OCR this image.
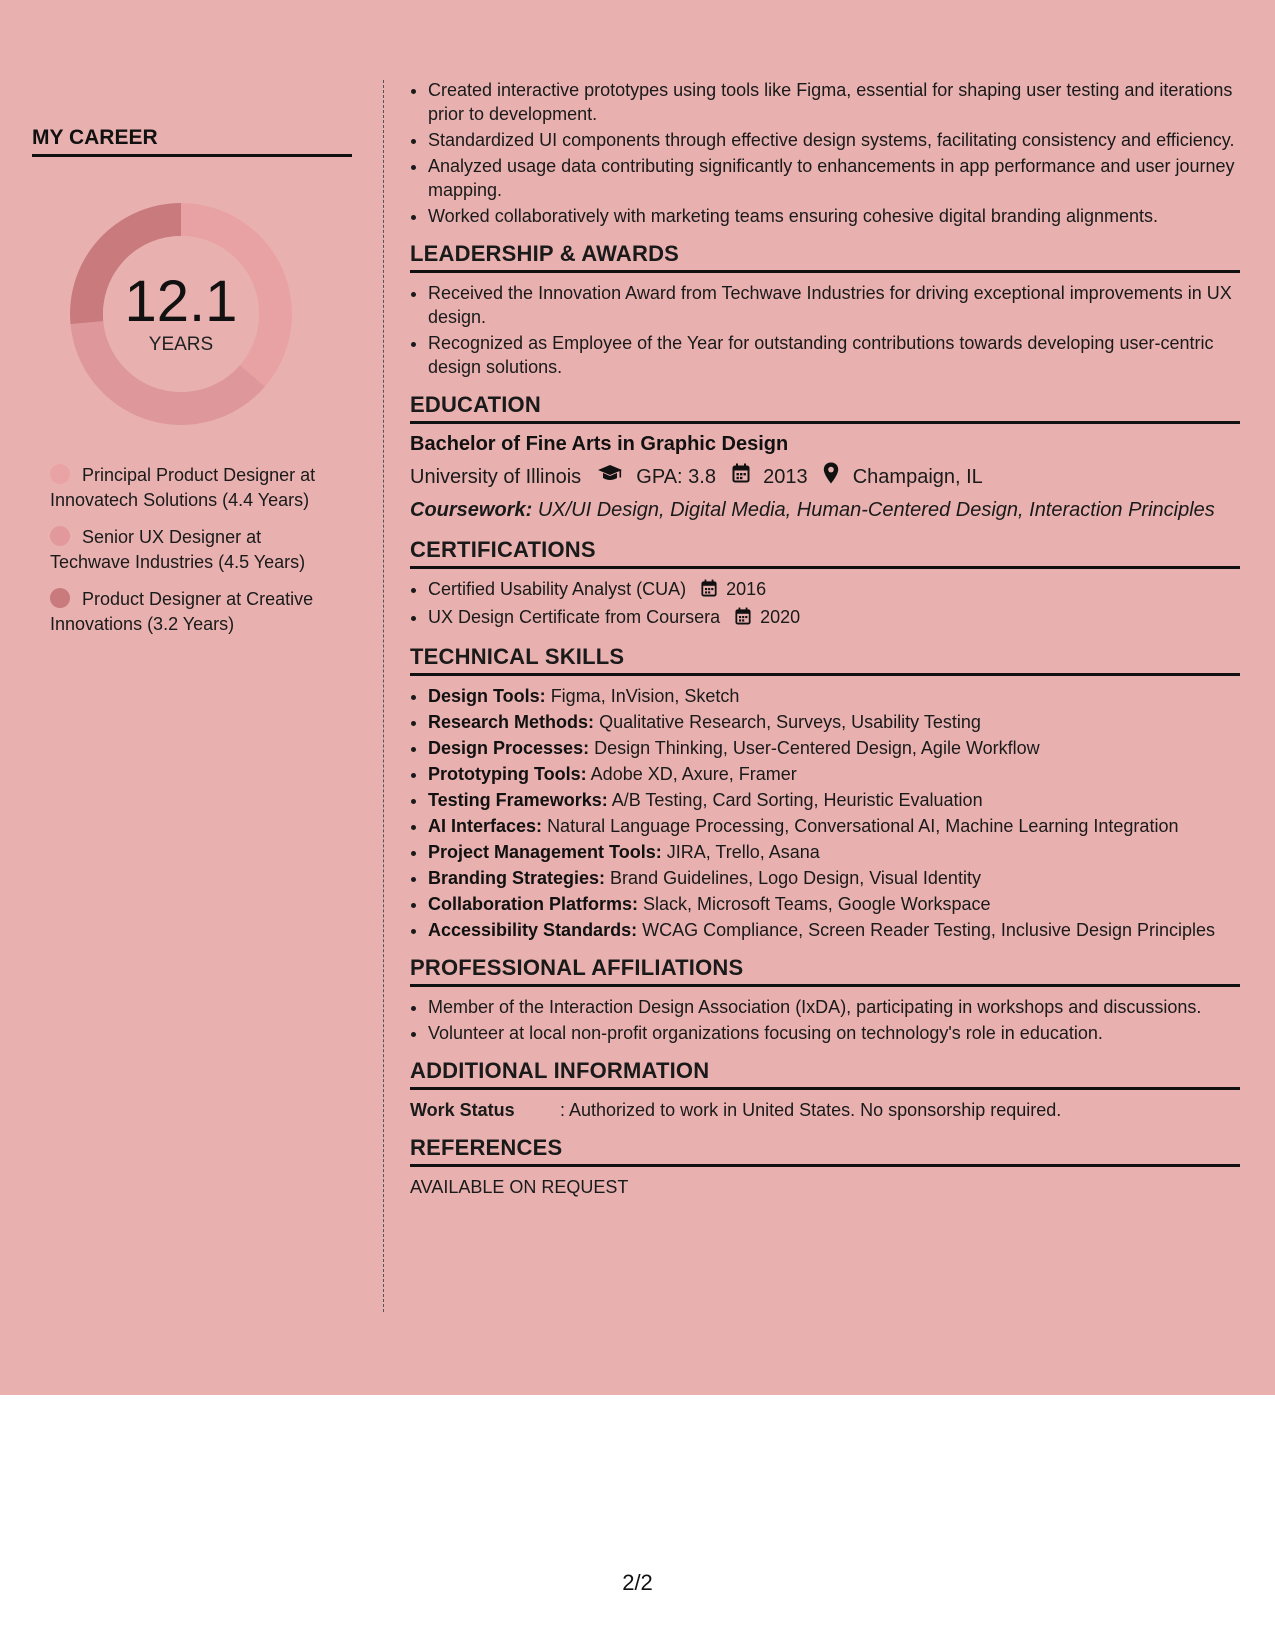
MY CAREER
12.1
YEARS
Principal Product Designer at Innovatech Solutions (4.4 Years)
Senior UX Designer at Techwave Industries (4.5 Years)
Product Designer at Creative Innovations (3.2 Years)
• Created interactive prototypes using tools like Figma, essential for shaping user testing and iterations prior to development.
• Standardized UI components through effective design systems, facilitating consistency and efficiency.
• Analyzed usage data contributing significantly to enhancements in app performance and user journey mapping.
• Worked collaboratively with marketing teams ensuring cohesive digital branding alignments.
LEADERSHIP & AWARDS
• Received the Innovation Award from Techwave Industries for driving exceptional improvements in UX design.
• Recognized as Employee of the Year for outstanding contributions towards developing user-centric design solutions.
EDUCATION
Bachelor of Fine Arts in Graphic Design
University of Illinois	GPA: 3.8 2013 Champaign, IL
Coursework: UX/UI Design, Digital Media, Human-Centered Design, Interaction Principles
CERTIFICATIONS
• Certified Usability Analyst (CUA) 2016
• UX Design Certificate from Coursera 2020
TECHNICAL SKILLS
• Design Tools: Figma, InVision, Sketch
• Research Methods: Qualitative Research, Surveys, Usability Testing
• Design Processes: Design Thinking, User-Centered Design, Agile Workflow
• Prototyping Tools: Adobe XD, Axure, Framer
• Testing Frameworks: A/B Testing, Card Sorting, Heuristic Evaluation
• AI Interfaces: Natural Language Processing, Conversational AI, Machine Learning Integration
• Project Management Tools: JIRA, Trello, Asana
• Branding Strategies: Brand Guidelines, Logo Design, Visual Identity
• Collaboration Platforms: Slack, Microsoft Teams, Google Workspace
• Accessibility Standards: WCAG Compliance, Screen Reader Testing, Inclusive Design Principles
PROFESSIONAL AFFILIATIONS
• Member of the Interaction Design Association (IxDA), participating in workshops and discussions.
• Volunteer at local non-profit organizations focusing on technology's role in education.
ADDITIONAL INFORMATION
Work Status	: Authorized to work in United States. No sponsorship required.
REFERENCES
AVAILABLE ON REQUEST
2/2
